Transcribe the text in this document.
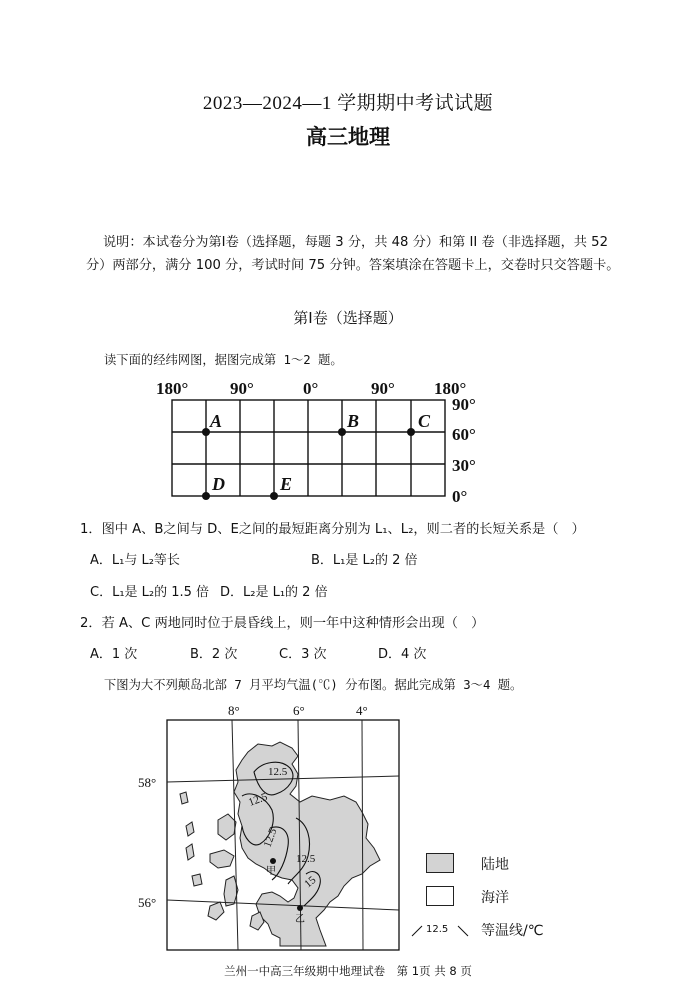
2023—2024—1 学期期中考试试题
高三地理
说明：本试卷分为第Ⅰ卷（选择题，每题 3 分，共 48 分）和第 II 卷（非选择题，共 52 分）两部分，满分 100 分，考试时间 75 分钟。答案填涂在答题卡上，交卷时只交答题卡。
第Ⅰ卷（选择题）
读下面的经纬网图，据图完成第 1～2 题。
180° 90°	0°	90° 180°
90°
60°
30°
0°
A	B	C
D	E
1．图中 A、B之间与 D、E之间的最短距离分别为 L₁、L₂，则二者的长短关系是（　）
A．L₁与 L₂等长	B．L₁是 L₂的 2 倍
C．L₁是 L₂的 1.5 倍 D．L₂是 L₁的 2 倍
2．若 A、C 两地同时位于晨昏线上，则一年中这种情形会出现（　）
A．1 次	B．2 次	C．3 次	D．4 次
下图为大不列颠岛北部 7 月平均气温(℃) 分布图。据此完成第 3～4 题。
12.5
12.5
12.5
12.5
15
甲
乙
8°	6°	4°
58°
56°
陆地
海洋
12.5 等温线/℃
兰州一中高三年级期中地理试卷　第 1页 共 8 页
